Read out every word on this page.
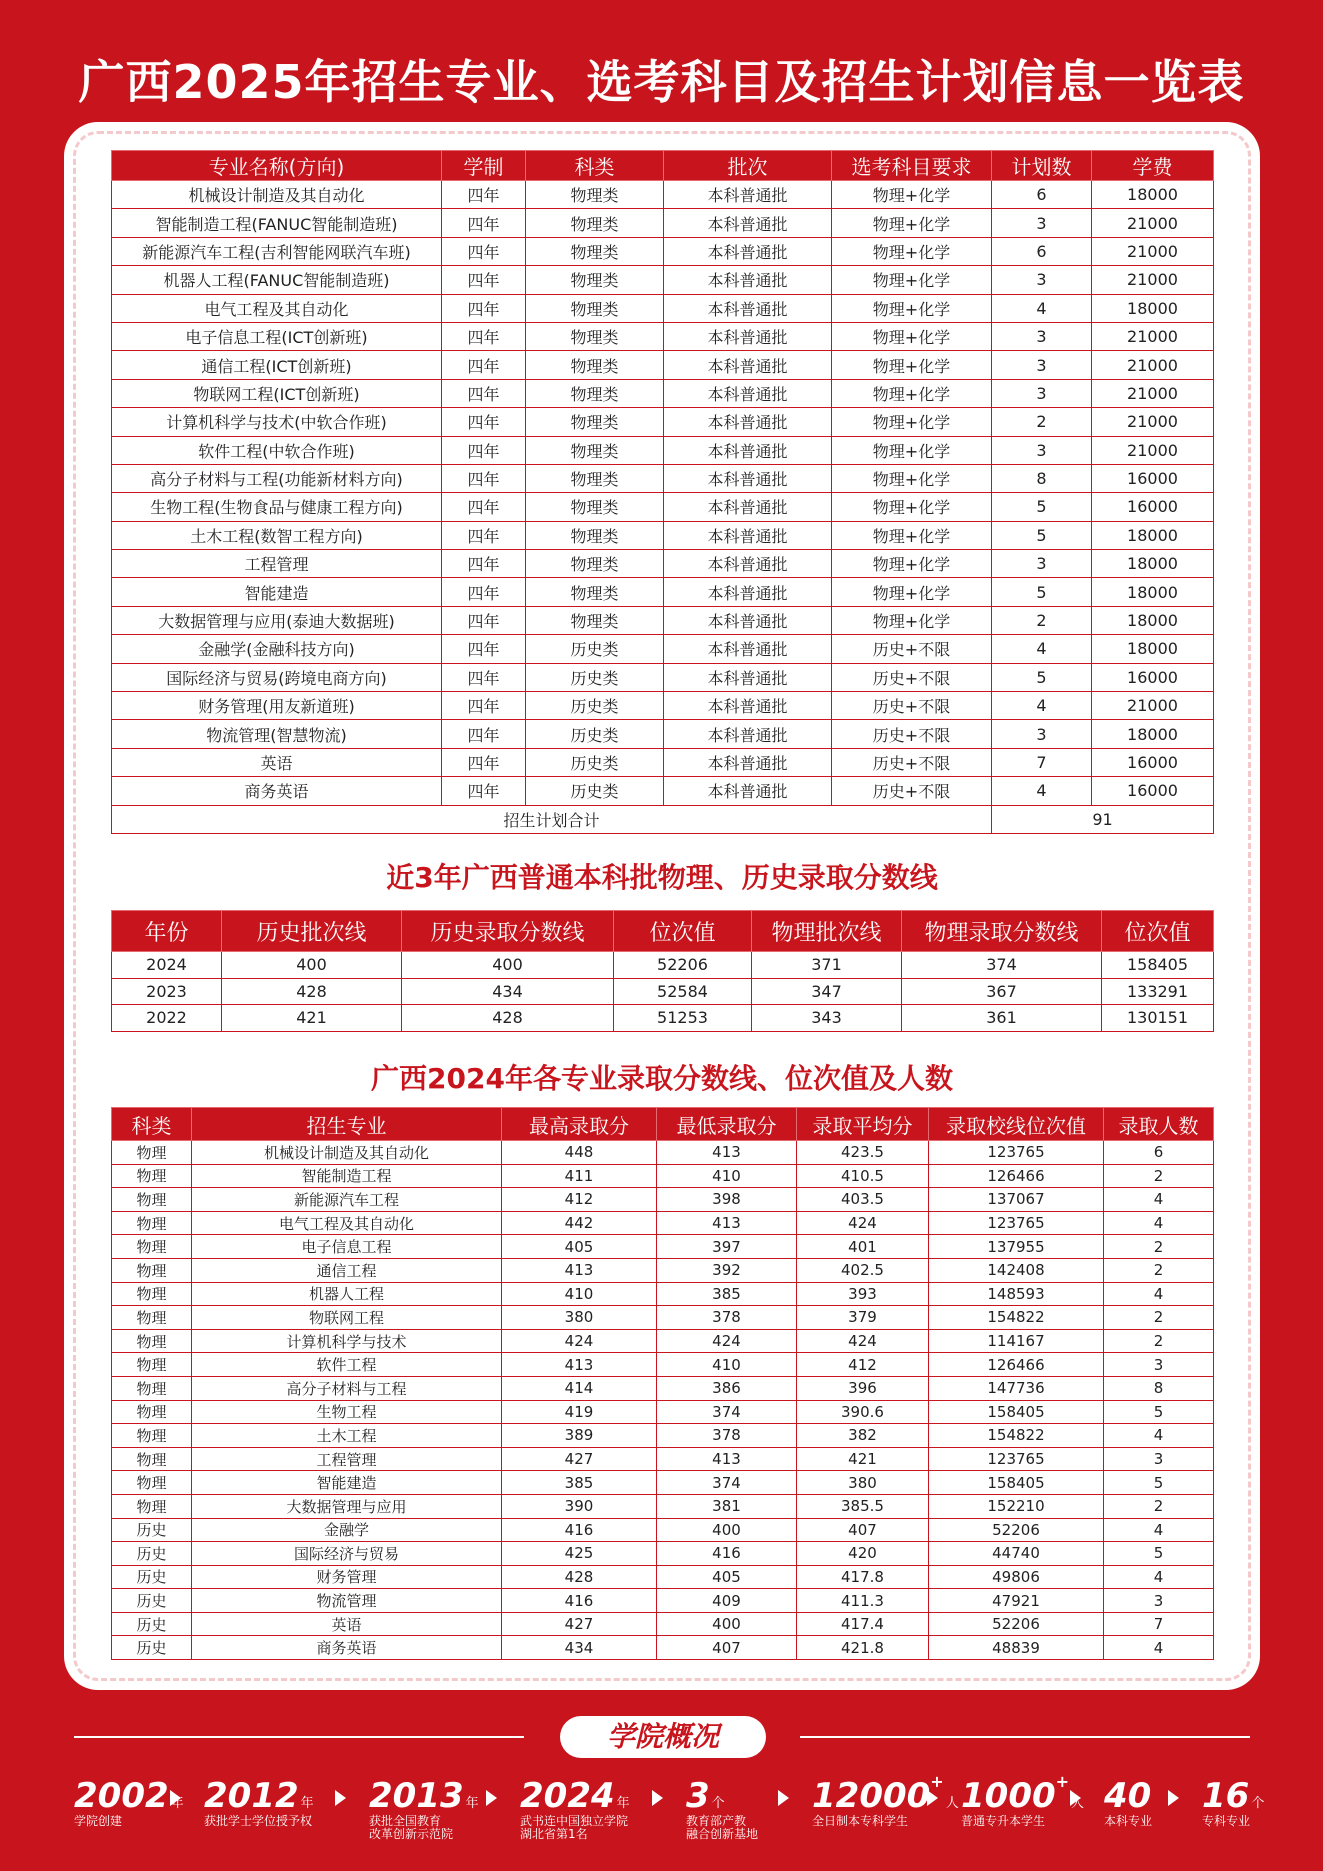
广西2025年招生专业、选考科目及招生计划信息一览表
专业名称(方向)	学制	科类	批次	选考科目要求	计划数	学费
机械设计制造及其自动化	四年	物理类	本科普通批	物理+化学	6	18000
智能制造工程(FANUC智能制造班)	四年	物理类	本科普通批	物理+化学	3	21000
新能源汽车工程(吉利智能网联汽车班)	四年	物理类	本科普通批	物理+化学	6	21000
机器人工程(FANUC智能制造班)	四年	物理类	本科普通批	物理+化学	3	21000
电气工程及其自动化	四年	物理类	本科普通批	物理+化学	4	18000
电子信息工程(ICT创新班)	四年	物理类	本科普通批	物理+化学	3	21000
通信工程(ICT创新班)	四年	物理类	本科普通批	物理+化学	3	21000
物联网工程(ICT创新班)	四年	物理类	本科普通批	物理+化学	3	21000
计算机科学与技术(中软合作班)	四年	物理类	本科普通批	物理+化学	2	21000
软件工程(中软合作班)	四年	物理类	本科普通批	物理+化学	3	21000
高分子材料与工程(功能新材料方向)	四年	物理类	本科普通批	物理+化学	8	16000
生物工程(生物食品与健康工程方向)	四年	物理类	本科普通批	物理+化学	5	16000
土木工程(数智工程方向)	四年	物理类	本科普通批	物理+化学	5	18000
工程管理	四年	物理类	本科普通批	物理+化学	3	18000
智能建造	四年	物理类	本科普通批	物理+化学	5	18000
大数据管理与应用(泰迪大数据班)	四年	物理类	本科普通批	物理+化学	2	18000
金融学(金融科技方向)	四年	历史类	本科普通批	历史+不限	4	18000
国际经济与贸易(跨境电商方向)	四年	历史类	本科普通批	历史+不限	5	16000
财务管理(用友新道班)	四年	历史类	本科普通批	历史+不限	4	21000
物流管理(智慧物流)	四年	历史类	本科普通批	历史+不限	3	18000
英语	四年	历史类	本科普通批	历史+不限	7	16000
商务英语	四年	历史类	本科普通批	历史+不限	4	16000
招生计划合计					91	
近3年广西普通本科批物理、历史录取分数线
年份	历史批次线	历史录取分数线	位次值	物理批次线	物理录取分数线	位次值
2024	400	400	52206	371	374	158405
2023	428	434	52584	347	367	133291
2022	421	428	51253	343	361	130151
广西2024年各专业录取分数线、位次值及人数
科类	招生专业	最高录取分	最低录取分	录取平均分	录取校线位次值	录取人数
物理	机械设计制造及其自动化	448	413	423.5	123765	6
物理	智能制造工程	411	410	410.5	126466	2
物理	新能源汽车工程	412	398	403.5	137067	4
物理	电气工程及其自动化	442	413	424	123765	4
物理	电子信息工程	405	397	401	137955	2
物理	通信工程	413	392	402.5	142408	2
物理	机器人工程	410	385	393	148593	4
物理	物联网工程	380	378	379	154822	2
物理	计算机科学与技术	424	424	424	114167	2
物理	软件工程	413	410	412	126466	3
物理	高分子材料与工程	414	386	396	147736	8
物理	生物工程	419	374	390.6	158405	5
物理	土木工程	389	378	382	154822	4
物理	工程管理	427	413	421	123765	3
物理	智能建造	385	374	380	158405	5
物理	大数据管理与应用	390	381	385.5	152210	2
历史	金融学	416	400	407	52206	4
历史	国际经济与贸易	425	416	420	44740	5
历史	财务管理	428	405	417.8	49806	4
历史	物流管理	416	409	411.3	47921	3
历史	英语	427	400	417.4	52206	7
历史	商务英语	434	407	421.8	48839	4
学院概况
2002 年
学院创建
2012 年
获批学士学位授予权
2013 年
获批全国教育
改革创新示范院
2024 年
武书连中国独立学院
湖北省第1名
3 个
教育部产教
融合创新基地
12000+人
全日制本专科学生
1000+人
普通专升本学生
40
本科专业
16 个
专科专业
